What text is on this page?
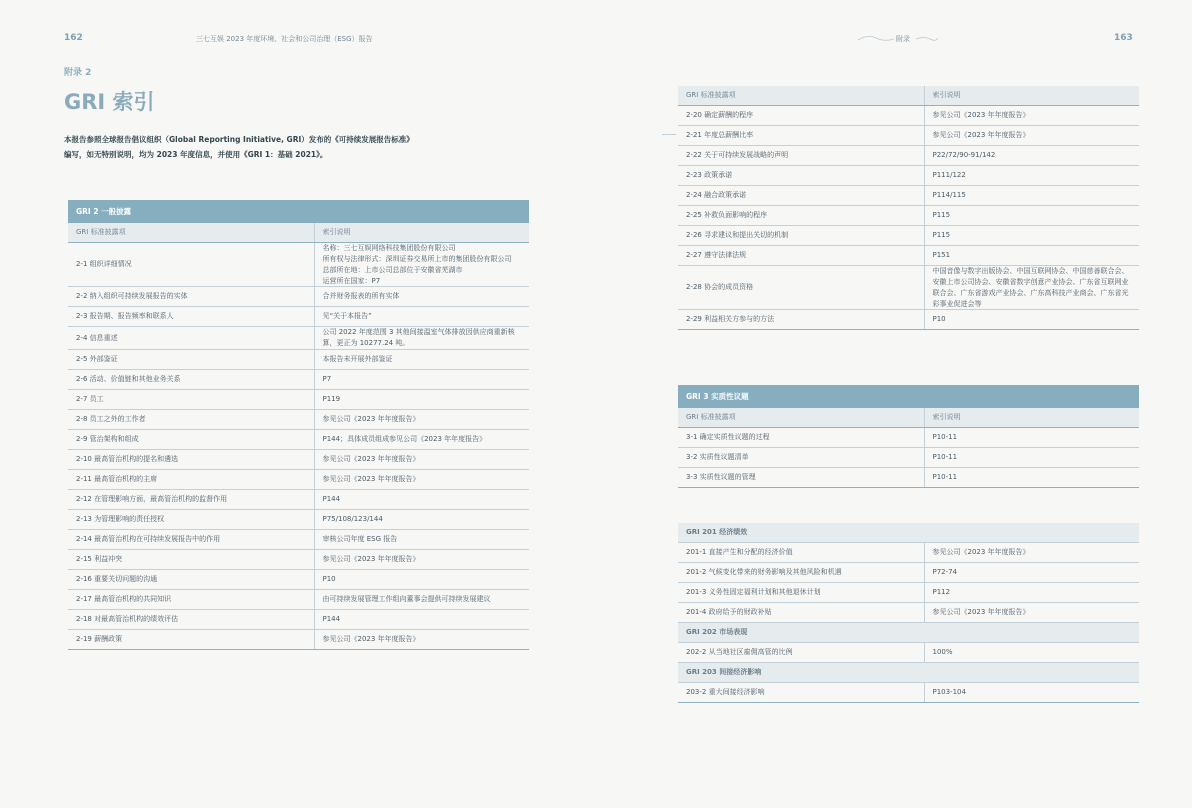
162	三七互娱 2023 年度环境、社会和公司治理（ESG）报告
附录 2
GRI 索引
本报告参照全球报告倡议组织（Global Reporting Initiative, GRI）发布的《可持续发展报告标准》
编写，如无特别说明，均为 2023 年度信息，并使用《GRI 1：基础 2021》。
GRI 2 一般披露	
GRI 标准披露项	索引说明
2-1 组织详细情况	名称：三七互娱网络科技集团股份有限公司
所有权与法律形式：深圳证券交易所上市的集团股份有限公司
总部所在地：上市公司总部位于安徽省芜湖市
运营所在国家：P7
2-2 纳入组织可持续发展报告的实体	合并财务报表的所有实体
2-3 报告期、报告频率和联系人	见“关于本报告”
2-4 信息重述	公司 2022 年度范围 3 其他间接温室气体排放因供应商重新核算，更正为 10277.24 吨。
2-5 外部鉴证	本报告未开展外部鉴证
2-6 活动、价值链和其他业务关系	P7
2-7 员工	P119
2-8 员工之外的工作者	参见公司《2023 年年度报告》
2-9 管治架构和组成	P144；具体成员组成参见公司《2023 年年度报告》
2-10 最高管治机构的提名和遴选	参见公司《2023 年年度报告》
2-11 最高管治机构的主席	参见公司《2023 年年度报告》
2-12 在管理影响方面，最高管治机构的监督作用	P144
2-13 为管理影响的责任授权	P75/108/123/144
2-14 最高管治机构在可持续发展报告中的作用	审核公司年度 ESG 报告
2-15 利益冲突	参见公司《2023 年年度报告》
2-16 重要关切问题的沟通	P10
2-17 最高管治机构的共同知识	由可持续发展管理工作组向董事会提供可持续发展建议
2-18 对最高管治机构的绩效评估	P144
2-19 薪酬政策	参见公司《2023 年年度报告》
附录	163
GRI 标准披露项	索引说明
2-20 确定薪酬的程序	参见公司《2023 年年度报告》
2-21 年度总薪酬比率	参见公司《2023 年年度报告》
2-22 关于可持续发展战略的声明	P22/72/90-91/142
2-23 政策承诺	P111/122
2-24 融合政策承诺	P114/115
2-25 补救负面影响的程序	P115
2-26 寻求建议和提出关切的机制	P115
2-27 遵守法律法规	P151
2-28 协会的成员资格	中国音像与数字出版协会、中国互联网协会、中国慈善联合会、安徽上市公司协会、安徽省数字创意产业协会、广东省互联网业联合会、广东省游戏产业协会、广东高科技产业商会、广东省光彩事业促进会等
2-29 利益相关方参与的方法	P10
GRI 3 实质性议题	
GRI 标准披露项	索引说明
3-1 确定实质性议题的过程	P10-11
3-2 实质性议题清单	P10-11
3-3 实质性议题的管理	P10-11
GRI 201 经济绩效	
201-1 直接产生和分配的经济价值	参见公司《2023 年年度报告》
201-2 气候变化带来的财务影响及其他风险和机遇	P72-74
201-3 义务性固定福利计划和其他退休计划	P112
201-4 政府给予的财政补贴	参见公司《2023 年年度报告》
GRI 202 市场表现	
202-2 从当地社区雇佣高管的比例	100%
GRI 203 间接经济影响	
203-2 重大间接经济影响	P103-104
